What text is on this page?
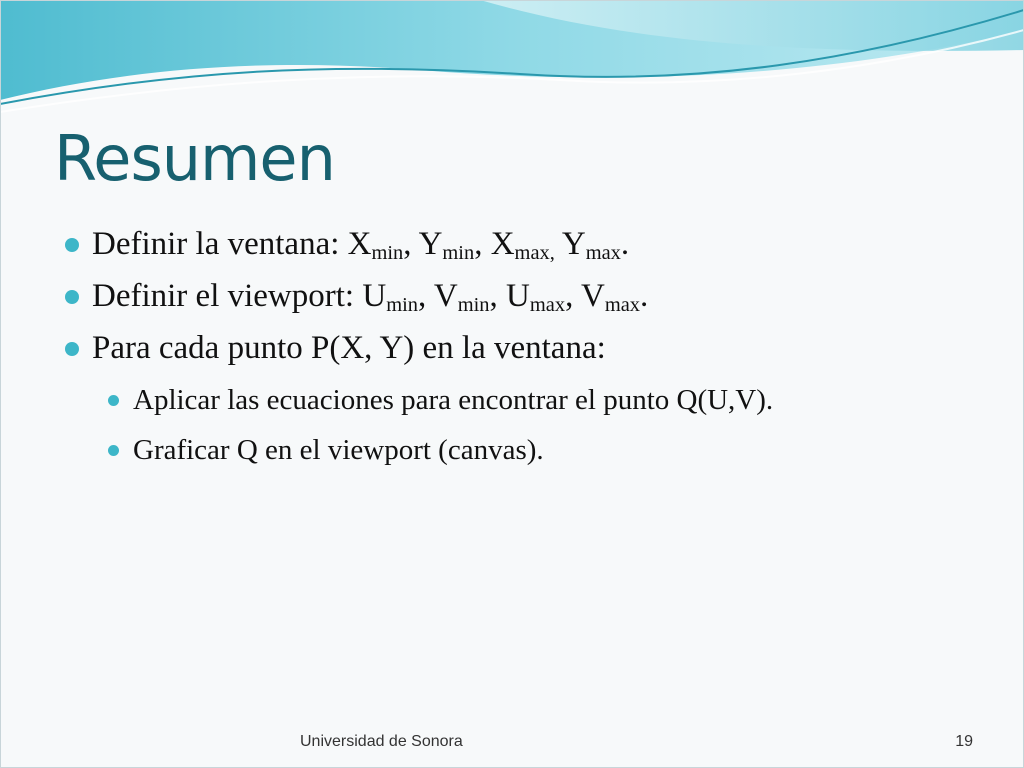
Resumen
Definir la ventana: $X_{min}$, $Y_{min}$, $X_{max,}$ $Y_{max}$.
Definir el viewport: $U_{min}$, $V_{min}$, $U_{max}$, $V_{max}$.
Para cada punto P(X, Y) en la ventana:
Aplicar las ecuaciones para encontrar el punto Q(U,V).
Graficar Q en el viewport (canvas).
Universidad de Sonora	19
